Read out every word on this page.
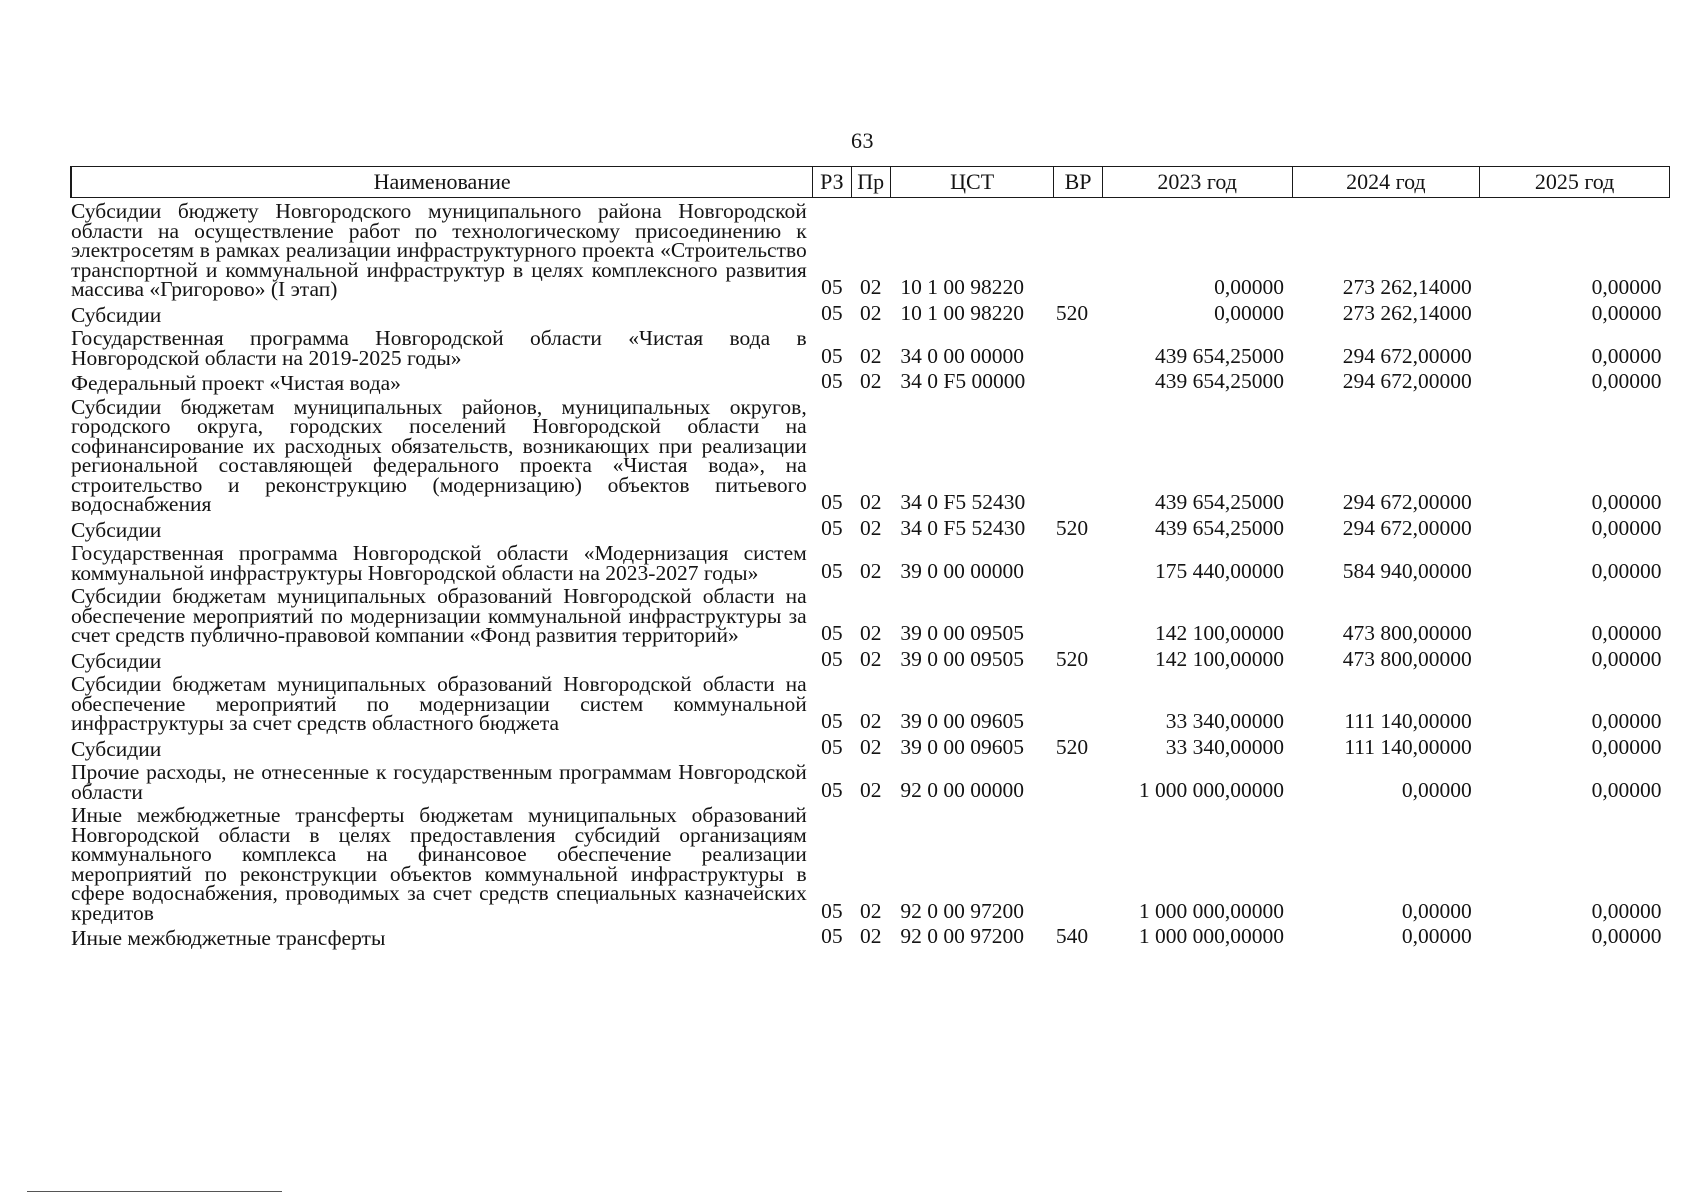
63
Наименование	РЗ	Пр	ЦСТ	ВР	2023 год	2024 год	2025 год
Субсидии бюджету Новгородского муниципального района Новгородской области на осуществление работ по технологическому присоединению к электросетям в рамках реализации инфраструктурного проекта «Строительство транспортной и коммунальной инфраструктур в целях комплексного развития массива «Григорово» (I этап)	05	02	10 1 00 98220		0,00000	273 262,14000	0,00000
Субсидии	05	02	10 1 00 98220	520	0,00000	273 262,14000	0,00000
Государственная программа Новгородской области «Чистая вода в Новгородской области на 2019-2025 годы»	05	02	34 0 00 00000		439 654,25000	294 672,00000	0,00000
Федеральный проект «Чистая вода»	05	02	34 0 F5 00000		439 654,25000	294 672,00000	0,00000
Субсидии бюджетам муниципальных районов, муниципальных округов, городского округа, городских поселений Новгородской области на софинансирование их расходных обязательств, возникающих при реализации региональной составляющей федерального проекта «Чистая вода», на строительство и реконструкцию (модернизацию) объектов питьевого водоснабжения	05	02	34 0 F5 52430		439 654,25000	294 672,00000	0,00000
Субсидии	05	02	34 0 F5 52430	520	439 654,25000	294 672,00000	0,00000
Государственная программа Новгородской области «Модернизация систем коммунальной инфраструктуры Новгородской области на 2023-2027 годы»	05	02	39 0 00 00000		175 440,00000	584 940,00000	0,00000
Субсидии бюджетам муниципальных образований Новгородской области на обеспечение мероприятий по модернизации коммунальной инфраструктуры за счет средств публично-правовой компании «Фонд развития территорий»	05	02	39 0 00 09505		142 100,00000	473 800,00000	0,00000
Субсидии	05	02	39 0 00 09505	520	142 100,00000	473 800,00000	0,00000
Субсидии бюджетам муниципальных образований Новгородской области на обеспечение мероприятий по модернизации систем коммунальной инфраструктуры за счет средств областного бюджета	05	02	39 0 00 09605		33 340,00000	111 140,00000	0,00000
Субсидии	05	02	39 0 00 09605	520	33 340,00000	111 140,00000	0,00000
Прочие расходы, не отнесенные к государственным программам Новгородской области	05	02	92 0 00 00000		1 000 000,00000	0,00000	0,00000
Иные межбюджетные трансферты бюджетам муниципальных образований Новгородской области в целях предоставления субсидий организациям коммунального комплекса на финансовое обеспечение реализации мероприятий по реконструкции объектов коммунальной инфраструктуры в сфере водоснабжения, проводимых за счет средств специальных казначейских кредитов	05	02	92 0 00 97200		1 000 000,00000	0,00000	0,00000
Иные межбюджетные трансферты	05	02	92 0 00 97200	540	1 000 000,00000	0,00000	0,00000
